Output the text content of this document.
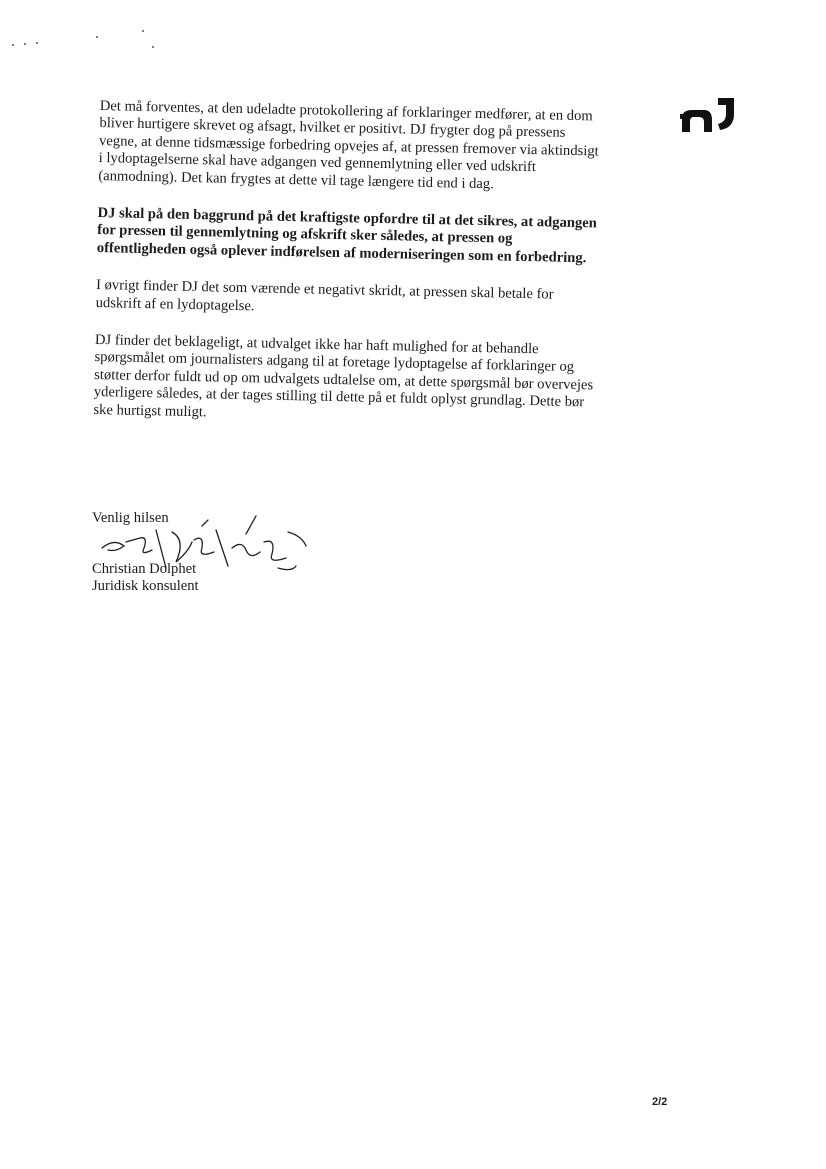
Det må forventes, at den udeladte protokollering af forklaringer medfører, at en dom bliver hurtigere skrevet og afsagt, hvilket er positivt. DJ frygter dog på pressens vegne, at denne tidsmæssige forbedring opvejes af, at pressen fremover via aktindsigt i lydoptagelserne skal have adgangen ved gennemlytning eller ved udskrift (anmodning). Det kan frygtes at dette vil tage længere tid end i dag.

DJ skal på den baggrund på det kraftigste opfordre til at det sikres, at adgangen for pressen til gennemlytning og afskrift sker således, at pressen og offentligheden også oplever indførelsen af moderniseringen som en forbedring.

I øvrigt finder DJ det som værende et negativt skridt, at pressen skal betale for udskrift af en lydoptagelse.

DJ finder det beklageligt, at udvalget ikke har haft mulighed for at behandle spørgsmålet om journalisters adgang til at foretage lydoptagelse af forklaringer og støtter derfor fuldt ud op om udvalgets udtalelse om, at dette spørgsmål bør overvejes yderligere således, at der tages stilling til dette på et fuldt oplyst grundlag. Dette bør ske hurtigst muligt.

Venlig hilsen
Christian Dolphet
Juridisk konsulent
2/2
